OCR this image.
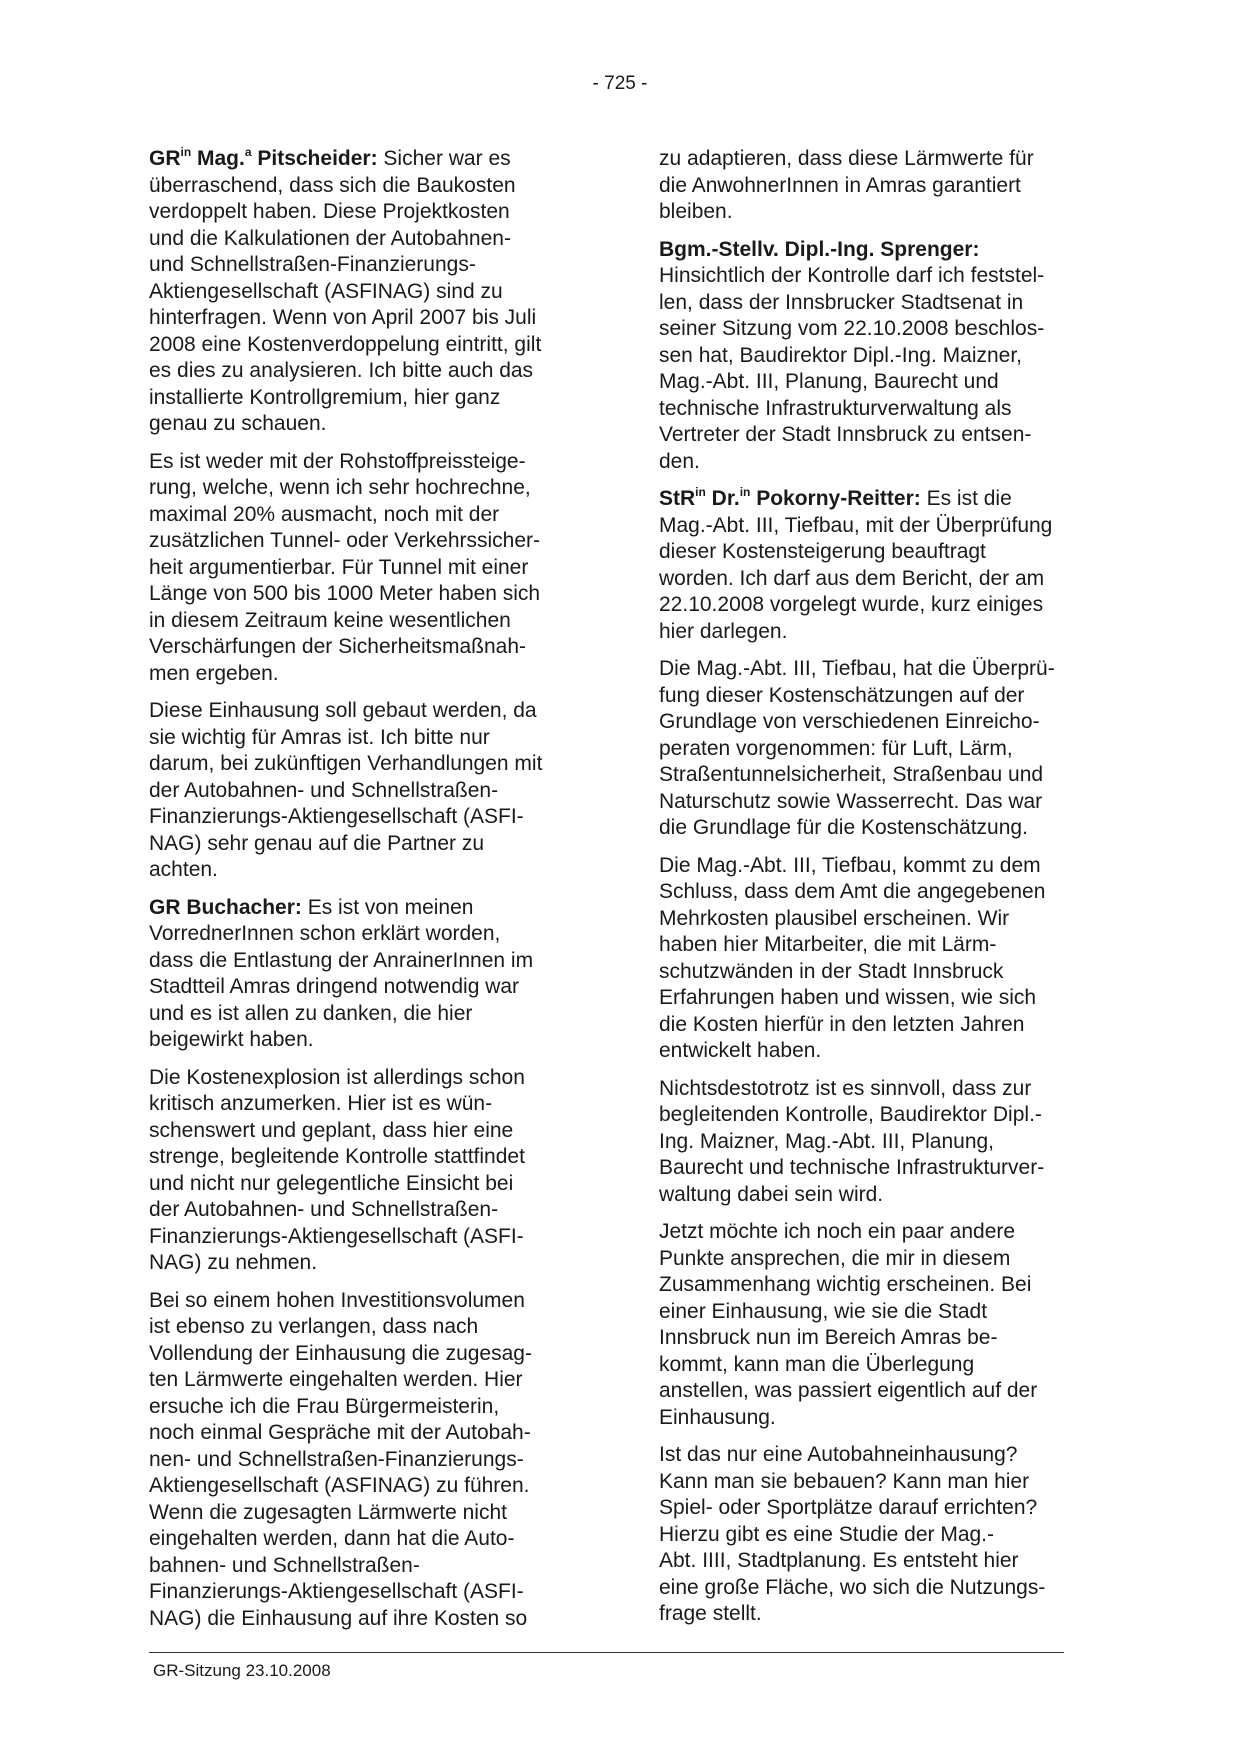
- 725 -

$GR^{in}$ Mag.$^a$ Pitscheider: Sicher war es
überraschend, dass sich die Baukosten
verdoppelt haben. Diese Projektkosten
und die Kalkulationen der Autobahnen-
und Schnellstraßen-Finanzierungs-
Aktiengesellschaft (ASFINAG) sind zu
hinterfragen. Wenn von April 2007 bis Juli
2008 eine Kostenverdoppelung eintritt, gilt
es dies zu analysieren. Ich bitte auch das
installierte Kontrollgremium, hier ganz
genau zu schauen.

Es ist weder mit der Rohstoffpreissteige-
rung, welche, wenn ich sehr hochrechne,
maximal 20% ausmacht, noch mit der
zusätzlichen Tunnel- oder Verkehrssicher-
heit argumentierbar. Für Tunnel mit einer
Länge von 500 bis 1000 Meter haben sich
in diesem Zeitraum keine wesentlichen
Verschärfungen der Sicherheitsmaßnah-
men ergeben.

Diese Einhausung soll gebaut werden, da
sie wichtig für Amras ist. Ich bitte nur
darum, bei zukünftigen Verhandlungen mit
der Autobahnen- und Schnellstraßen-
Finanzierungs-Aktiengesellschaft (ASFI-
NAG) sehr genau auf die Partner zu
achten.

GR Buchacher: Es ist von meinen
VorrednerInnen schon erklärt worden,
dass die Entlastung der AnrainerInnen im
Stadtteil Amras dringend notwendig war
und es ist allen zu danken, die hier
beigewirkt haben.

Die Kostenexplosion ist allerdings schon
kritisch anzumerken. Hier ist es wün-
schenswert und geplant, dass hier eine
strenge, begleitende Kontrolle stattfindet
und nicht nur gelegentliche Einsicht bei
der Autobahnen- und Schnellstraßen-
Finanzierungs-Aktiengesellschaft (ASFI-
NAG) zu nehmen.

Bei so einem hohen Investitionsvolumen
ist ebenso zu verlangen, dass nach
Vollendung der Einhausung die zugesag-
ten Lärmwerte eingehalten werden. Hier
ersuche ich die Frau Bürgermeisterin,
noch einmal Gespräche mit der Autobah-
nen- und Schnellstraßen-Finanzierungs-
Aktiengesellschaft (ASFINAG) zu führen.
Wenn die zugesagten Lärmwerte nicht
eingehalten werden, dann hat die Auto-
bahnen- und Schnellstraßen-
Finanzierungs-Aktiengesellschaft (ASFI-
NAG) die Einhausung auf ihre Kosten so

zu adaptieren, dass diese Lärmwerte für
die AnwohnerInnen in Amras garantiert
bleiben.

Bgm.-Stellv. Dipl.-Ing. Sprenger:
Hinsichtlich der Kontrolle darf ich feststel-
len, dass der Innsbrucker Stadtsenat in
seiner Sitzung vom 22.10.2008 beschlos-
sen hat, Baudirektor Dipl.-Ing. Maizner,
Mag.-Abt. III, Planung, Baurecht und
technische Infrastrukturverwaltung als
Vertreter der Stadt Innsbruck zu entsen-
den.

StR$^{in}$ Dr.$^{in}$ Pokorny-Reitter: Es ist die
Mag.-Abt. III, Tiefbau, mit der Überprüfung
dieser Kostensteigerung beauftragt
worden. Ich darf aus dem Bericht, der am
22.10.2008 vorgelegt wurde, kurz einiges
hier darlegen.

Die Mag.-Abt. III, Tiefbau, hat die Überprü-
fung dieser Kostenschätzungen auf der
Grundlage von verschiedenen Einreicho-
peraten vorgenommen: für Luft, Lärm,
Straßentunnelsicherheit, Straßenbau und
Naturschutz sowie Wasserrecht. Das war
die Grundlage für die Kostenschätzung.

Die Mag.-Abt. III, Tiefbau, kommt zu dem
Schluss, dass dem Amt die angegebenen
Mehrkosten plausibel erscheinen. Wir
haben hier Mitarbeiter, die mit Lärm-
schutzwänden in der Stadt Innsbruck
Erfahrungen haben und wissen, wie sich
die Kosten hierfür in den letzten Jahren
entwickelt haben.

Nichtsdestotrotz ist es sinnvoll, dass zur
begleitenden Kontrolle, Baudirektor Dipl.-
Ing. Maizner, Mag.-Abt. III, Planung,
Baurecht und technische Infrastrukturver-
waltung dabei sein wird.

Jetzt möchte ich noch ein paar andere
Punkte ansprechen, die mir in diesem
Zusammenhang wichtig erscheinen. Bei
einer Einhausung, wie sie die Stadt
Innsbruck nun im Bereich Amras be-
kommt, kann man die Überlegung
anstellen, was passiert eigentlich auf der
Einhausung.

Ist das nur eine Autobahneinhausung?
Kann man sie bebauen? Kann man hier
Spiel- oder Sportplätze darauf errichten?
Hierzu gibt es eine Studie der Mag.-
Abt. IIII, Stadtplanung. Es entsteht hier
eine große Fläche, wo sich die Nutzungs-
frage stellt.

GR-Sitzung 23.10.2008
